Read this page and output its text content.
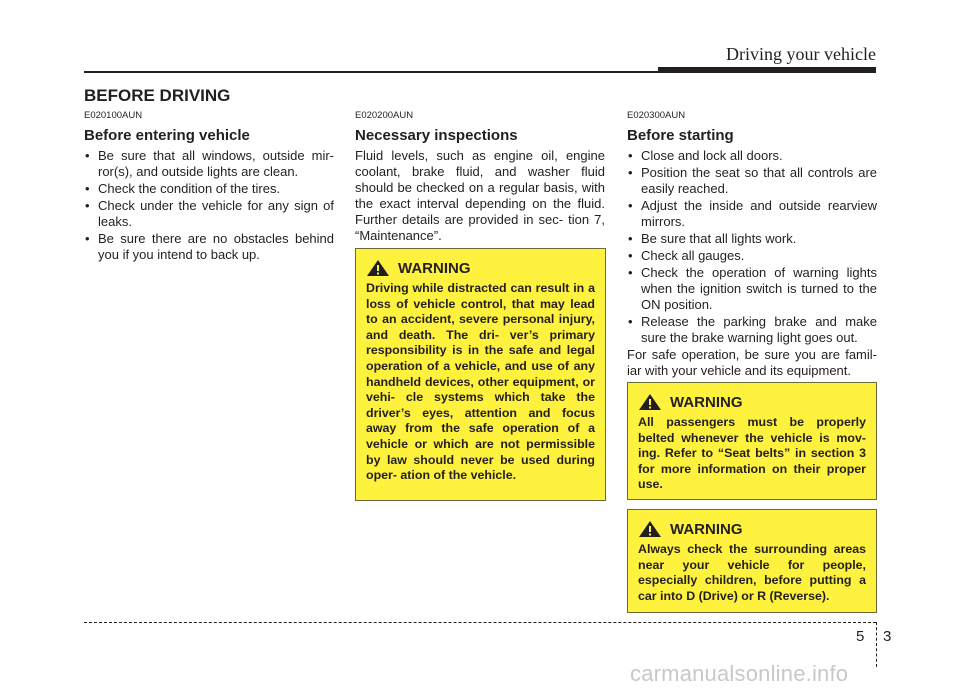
Driving your vehicle
BEFORE DRIVING

E020100AUN

Before entering vehicle

• Be sure that all windows, outside mir- ror(s), and outside lights are clean.
• Check the condition of the tires.
• Check under the vehicle for any sign of leaks.
• Be sure there are no obstacles behind you if you intend to back up.

E020200AUN

Necessary inspections

Fluid levels, such as engine oil, engine coolant, brake fluid, and washer fluid should be checked on a regular basis, with the exact interval depending on the fluid. Further details are provided in sec- tion 7, “Maintenance”.

E020300AUN

Before starting

• Close and lock all doors.
• Position the seat so that all controls are easily reached.
• Adjust the inside and outside rearview mirrors.
• Be sure that all lights work.
• Check all gauges.
• Check the operation of warning lights when the ignition switch is turned to the ON position.
• Release the parking brake and make sure the brake warning light goes out.

For safe operation, be sure you are famil- iar with your vehicle and its equipment.

WARNING

Driving while distracted can result in a loss of vehicle control, that may lead to an accident, severe personal injury, and death. The dri- ver’s primary responsibility is in the safe and legal operation of a vehicle, and use of any handheld devices, other equipment, or vehi- cle systems which take the driver’s eyes, attention and focus away from the safe operation of a vehicle or which are not permissible by law should never be used during oper- ation of the vehicle.

WARNING

All passengers must be properly belted whenever the vehicle is mov- ing. Refer to “Seat belts” in section 3 for more information on their proper use.

WARNING

Always check the surrounding areas near your vehicle for people, especially children, before putting a car into D (Drive) or R (Reverse).

5 3
carmanualsonline.info
